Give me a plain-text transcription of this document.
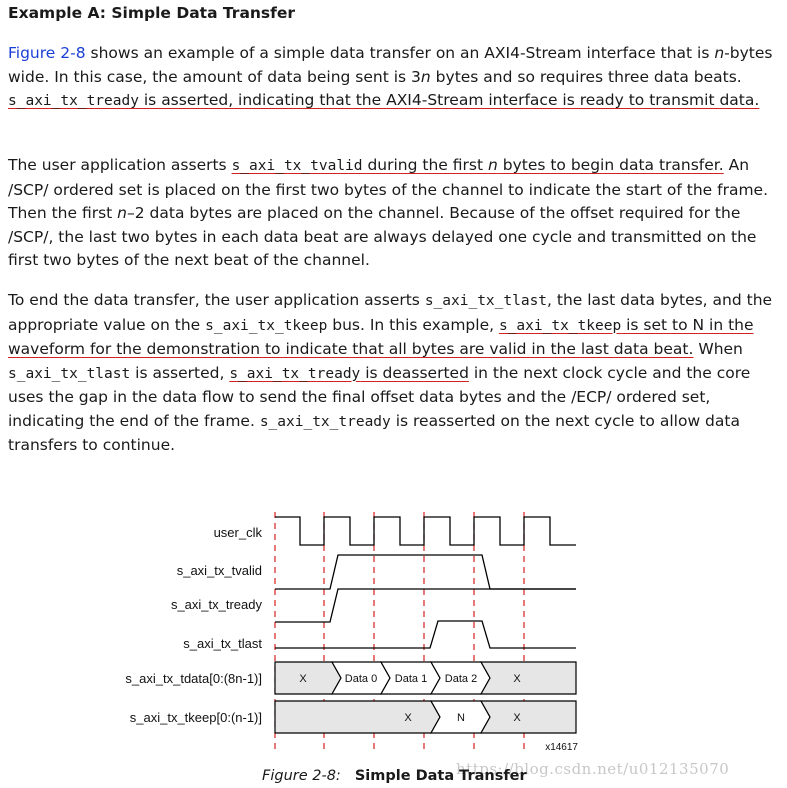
Example A: Simple Data Transfer
Figure 2-8 shows an example of a simple data transfer on an AXI4-Stream interface that is n-bytes wide. In this case, the amount of data being sent is 3n bytes and so requires three data beats. s_axi_tx_tready is asserted, indicating that the AXI4-Stream interface is ready to transmit data.
The user application asserts s_axi_tx_tvalid during the first n bytes to begin data transfer. An /SCP/ ordered set is placed on the first two bytes of the channel to indicate the start of the frame. Then the first n–2 data bytes are placed on the channel. Because of the offset required for the /SCP/, the last two bytes in each data beat are always delayed one cycle and transmitted on the first two bytes of the next beat of the channel.
To end the data transfer, the user application asserts s_axi_tx_tlast, the last data bytes, and the appropriate value on the s_axi_tx_tkeep bus. In this example, s_axi_tx_tkeep is set to N in the waveform for the demonstration to indicate that all bytes are valid in the last data beat. When s_axi_tx_tlast is asserted, s_axi_tx_tready is deasserted in the next clock cycle and the core uses the gap in the data flow to send the final offset data bytes and the /ECP/ ordered set, indicating the end of the frame. s_axi_tx_tready is reasserted on the next cycle to allow data transfers to continue.
user_clk
s_axi_tx_tvalid
s_axi_tx_tready
s_axi_tx_tlast
s_axi_tx_tdata[0:(8n-1)]
s_axi_tx_tkeep[0:(n-1)]
X	Data 0 Data 1 Data 2	X
X	N	X
x14617
https://blog.csdn.net/u012135070
Figure 2-8: Simple Data Transfer
